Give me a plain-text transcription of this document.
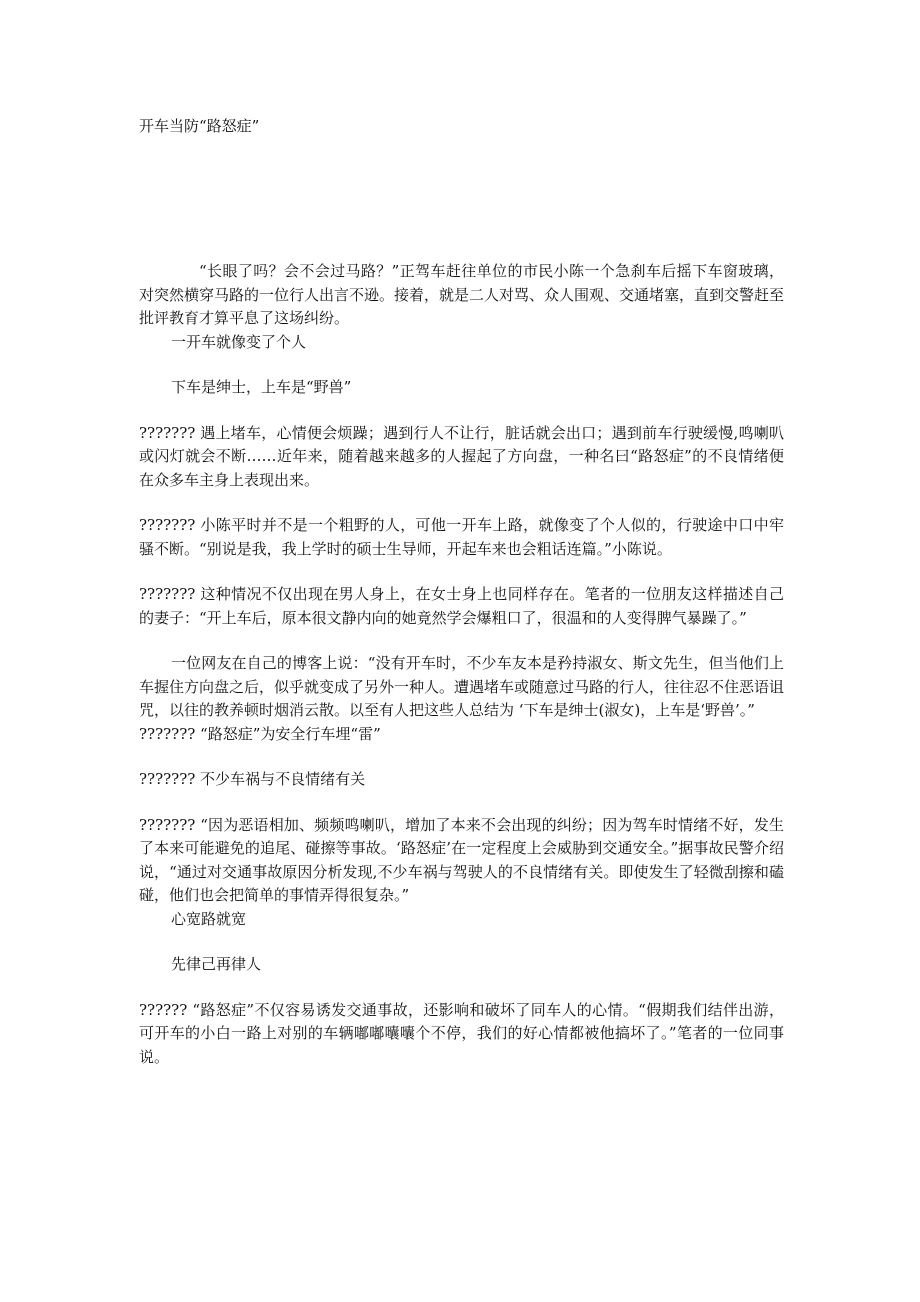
开车当防“路怒症”

“长眼了吗？会不会过马路？”正驾车赶往单位的市民小陈一个急刹车后摇下车窗玻璃，对突然横穿马路的一位行人出言不逊。接着，就是二人对骂、众人围观、交通堵塞，直到交警赶至批评教育才算平息了这场纠纷。

一开车就像变了个人

下车是绅士，上车是“野兽”

??????? 遇上堵车，心情便会烦躁；遇到行人不让行，脏话就会出口；遇到前车行驶缓慢,鸣喇叭或闪灯就会不断……近年来，随着越来越多的人握起了方向盘，一种名曰“路怒症”的不良情绪便在众多车主身上表现出来。

??????? 小陈平时并不是一个粗野的人，可他一开车上路，就像变了个人似的，行驶途中口中牢骚不断。“别说是我，我上学时的硕士生导师，开起车来也会粗话连篇。”小陈说。

??????? 这种情况不仅出现在男人身上，在女士身上也同样存在。笔者的一位朋友这样描述自己的妻子：“开上车后，原本很文静内向的她竟然学会爆粗口了，很温和的人变得脾气暴躁了。”

一位网友在自己的博客上说：“没有开车时，不少车友本是矜持淑女、斯文先生，但当他们上车握住方向盘之后，似乎就变成了另外一种人。遭遇堵车或随意过马路的行人，往往忍不住恶语诅咒，以往的教养顿时烟消云散。以至有人把这些人总结为 ‘下车是绅士(淑女)，上车是‘野兽’。”

??????? “路怒症”为安全行车埋“雷”

??????? 不少车祸与不良情绪有关

??????? “因为恶语相加、频频鸣喇叭，增加了本来不会出现的纠纷；因为驾车时情绪不好，发生了本来可能避免的追尾、碰擦等事故。‘路怒症’在一定程度上会威胁到交通安全。”据事故民警介绍说，“通过对交通事故原因分析发现,不少车祸与驾驶人的不良情绪有关。即使发生了轻微刮擦和磕碰，他们也会把简单的事情弄得很复杂。”

心宽路就宽

先律己再律人

?????? “路怒症”不仅容易诱发交通事故，还影响和破坏了同车人的心情。“假期我们结伴出游，可开车的小白一路上对别的车辆嘟嘟囔囔个不停，我们的好心情都被他搞坏了。”笔者的一位同事说。
